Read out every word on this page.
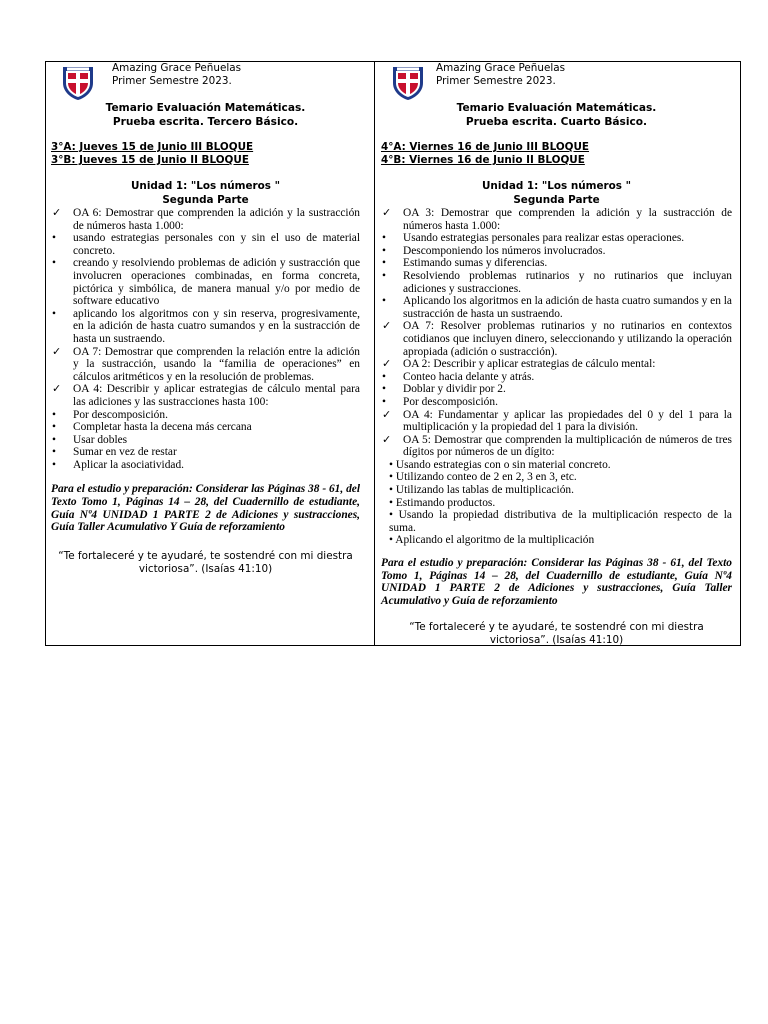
Amazing Grace Peñuelas
Primer Semestre 2023.
Temario Evaluación Matemáticas.
Prueba escrita. Tercero Básico.
3°A: Jueves 15 de Junio III BLOQUE
3°B: Jueves 15 de Junio II BLOQUE
Unidad 1: "Los números "
Segunda Parte
✓	OA 6: Demostrar que comprenden la adición y la sustracción de números hasta 1.000:
•	usando estrategias personales con y sin el uso de material concreto.
•	creando y resolviendo problemas de adición y sustracción que involucren operaciones combinadas, en forma concreta, pictórica y simbólica, de manera manual y/o por medio de software educativo
•	aplicando los algoritmos con y sin reserva, progresivamente, en la adición de hasta cuatro sumandos y en la sustracción de hasta un sustraendo.
✓	OA 7: Demostrar que comprenden la relación entre la adición y la sustracción, usando la “familia de operaciones” en cálculos aritméticos y en la resolución de problemas.
✓	OA 4: Describir y aplicar estrategias de cálculo mental para las adiciones y las sustracciones hasta 100:
•	Por descomposición.
•	Completar hasta la decena más cercana
•	Usar dobles
•	Sumar en vez de restar
•	Aplicar la asociatividad.
Para el estudio y preparación: Considerar las Páginas 38 - 61, del Texto Tomo 1, Páginas 14 – 28, del Cuadernillo de estudiante, Guía Nº4 UNIDAD 1 PARTE 2 de Adiciones y sustracciones, Guía Taller Acumulativo Y Guía de reforzamiento
“Te fortaleceré y te ayudaré, te sostendré con mi diestra victoriosa”. (Isaías 41:10)
Amazing Grace Peñuelas
Primer Semestre 2023.
Temario Evaluación Matemáticas.
Prueba escrita. Cuarto Básico.
4°A: Viernes 16 de Junio III BLOQUE
4°B: Viernes 16 de Junio II BLOQUE
Unidad 1: "Los números "
Segunda Parte
✓	OA 3: Demostrar que comprenden la adición y la sustracción de números hasta 1.000:
•	Usando estrategias personales para realizar estas operaciones.
•	Descomponiendo los números involucrados.
•	Estimando sumas y diferencias.
•	Resolviendo problemas rutinarios y no rutinarios que incluyan adiciones y sustracciones.
•	Aplicando los algoritmos en la adición de hasta cuatro sumandos y en la sustracción de hasta un sustraendo.
✓	OA 7: Resolver problemas rutinarios y no rutinarios en contextos cotidianos que incluyen dinero, seleccionando y utilizando la operación apropiada (adición o sustracción).
✓	OA 2: Describir y aplicar estrategias de cálculo mental:
•	Conteo hacia delante y atrás.
•	Doblar y dividir por 2.
•	Por descomposición.
✓	OA 4: Fundamentar y aplicar las propiedades del 0 y del 1 para la multiplicación y la propiedad del 1 para la división.
✓	OA 5: Demostrar que comprenden la multiplicación de números de tres dígitos por números de un dígito:
• Usando estrategias con o sin material concreto.
• Utilizando conteo de 2 en 2, 3 en 3, etc.
• Utilizando las tablas de multiplicación.
• Estimando productos.
• Usando la propiedad distributiva de la multiplicación respecto de la suma.
• Aplicando el algoritmo de la multiplicación
Para el estudio y preparación: Considerar las Páginas 38 - 61, del Texto Tomo 1, Páginas 14 – 28, del Cuadernillo de estudiante, Guía Nº4 UNIDAD 1 PARTE 2 de Adiciones y sustracciones, Guía Taller Acumulativo y Guía de reforzamiento
“Te fortaleceré y te ayudaré, te sostendré con mi diestra victoriosa”. (Isaías 41:10)
